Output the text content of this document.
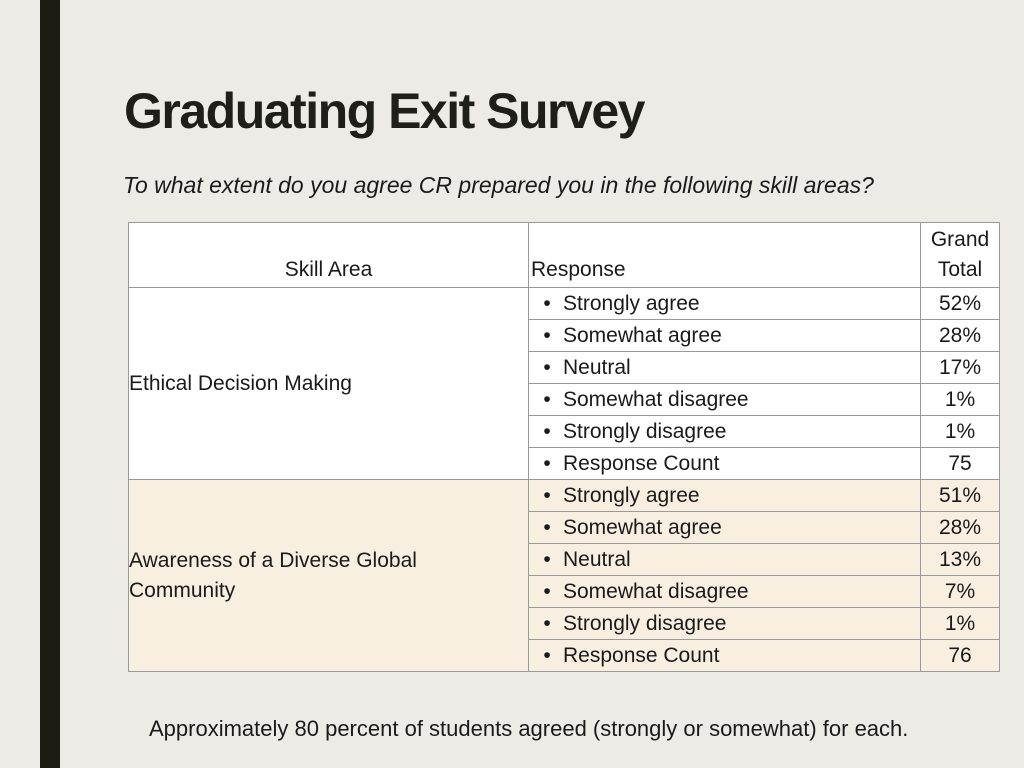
Graduating Exit Survey

To what extent do you agree CR prepared you in the following skill areas?

Skill Area	Response	Grand
Total
Ethical Decision Making	• Strongly agree	52%
	• Somewhat agree	28%
	• Neutral	17%
	• Somewhat disagree	1%
	• Strongly disagree	1%
	• Response Count	75
Awareness of a Diverse Global Community	• Strongly agree	51%
	• Somewhat agree	28%
	• Neutral	13%
	• Somewhat disagree	7%
	• Strongly disagree	1%
	• Response Count	76

Approximately 80 percent of students agreed (strongly or somewhat) for each.
